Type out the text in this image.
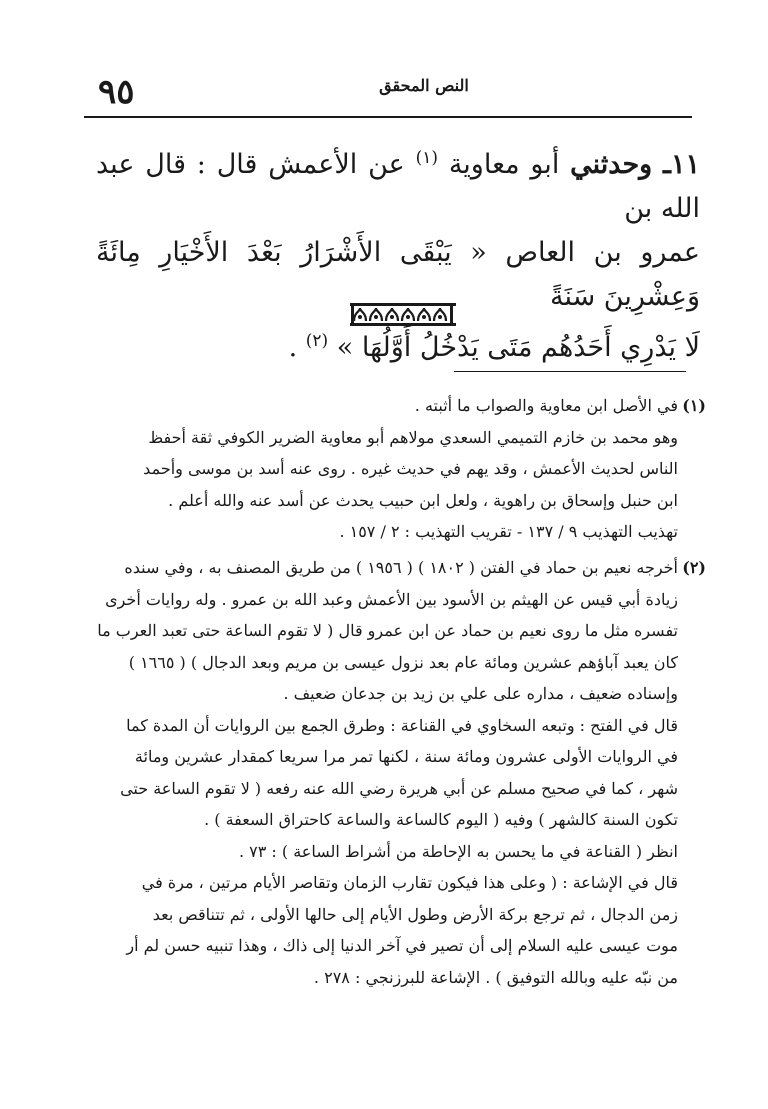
٩٥	النص المحقق

١١ـ وحدثني أبو معاوية $^{(١)}$ عن الأعمش قال : قال عبد الله بن

عمرو بن العاص « يَبْقَى الأَشْرَارُ بَعْدَ الأَخْيَارِ مِائَةً وَعِشْرِينَ سَنَةً

لَا يَدْرِي أَحَدُهُم مَتَى يَدْخُلُ أَوَّلُهَا » $^{(٢)}$ .

(١)

في الأصل ابن معاوية والصواب ما أثبته .

وهو محمد بن خازم التميمي السعدي مولاهم أبو معاوية الضرير الكوفي ثقة أحفظ

الناس لحديث الأعمش ، وقد يهم في حديث غيره . روى عنه أسد بن موسى وأحمد

ابن حنبل وإسحاق بن راهوية ، ولعل ابن حبيب يحدث عن أسد عنه والله أعلم .

تهذيب التهذيب ٩ / ١٣٧ - تقريب التهذيب : ٢ / ١٥٧ .

(٢)

أخرجه نعيم بن حماد في الفتن ( ١٨٠٢ ) ( ١٩٥٦ ) من طريق المصنف به ، وفي سنده

زيادة أبي قيس عن الهيثم بن الأسود بين الأعمش وعبد الله بن عمرو . وله روايات أخرى

تفسره مثل ما روى نعيم بن حماد عن ابن عمرو قال ( لا تقوم الساعة حتى تعبد العرب ما

كان يعبد آباؤهم عشرين ومائة عام بعد نزول عيسى بن مريم وبعد الدجال ) ( ١٦٦٥ )

وإسناده ضعيف ، مداره على علي بن زيد بن جدعان ضعيف .

قال في الفتح : وتبعه السخاوي في القناعة : وطرق الجمع بين الروايات أن المدة كما

في الروايات الأولى عشرون ومائة سنة ، لكنها تمر مرا سريعا كمقدار عشرين ومائة

شهر ، كما في صحيح مسلم عن أبي هريرة رضي الله عنه رفعه ( لا تقوم الساعة حتى

تكون السنة كالشهر ) وفيه ( اليوم كالساعة والساعة كاحتراق السعفة ) .

انظر ( القناعة في ما يحسن به الإحاطة من أشراط الساعة ) : ٧٣ .

قال في الإشاعة : ( وعلى هذا فيكون تقارب الزمان وتقاصر الأيام مرتين ، مرة في

زمن الدجال ، ثم ترجع بركة الأرض وطول الأيام إلى حالها الأولى ، ثم تتناقص بعد

موت عيسى عليه السلام إلى أن تصير في آخر الدنيا إلى ذاك ، وهذا تنبيه حسن لم أر

من نبّه عليه وبالله التوفيق ) . الإشاعة للبرزنجي : ٢٧٨ .
